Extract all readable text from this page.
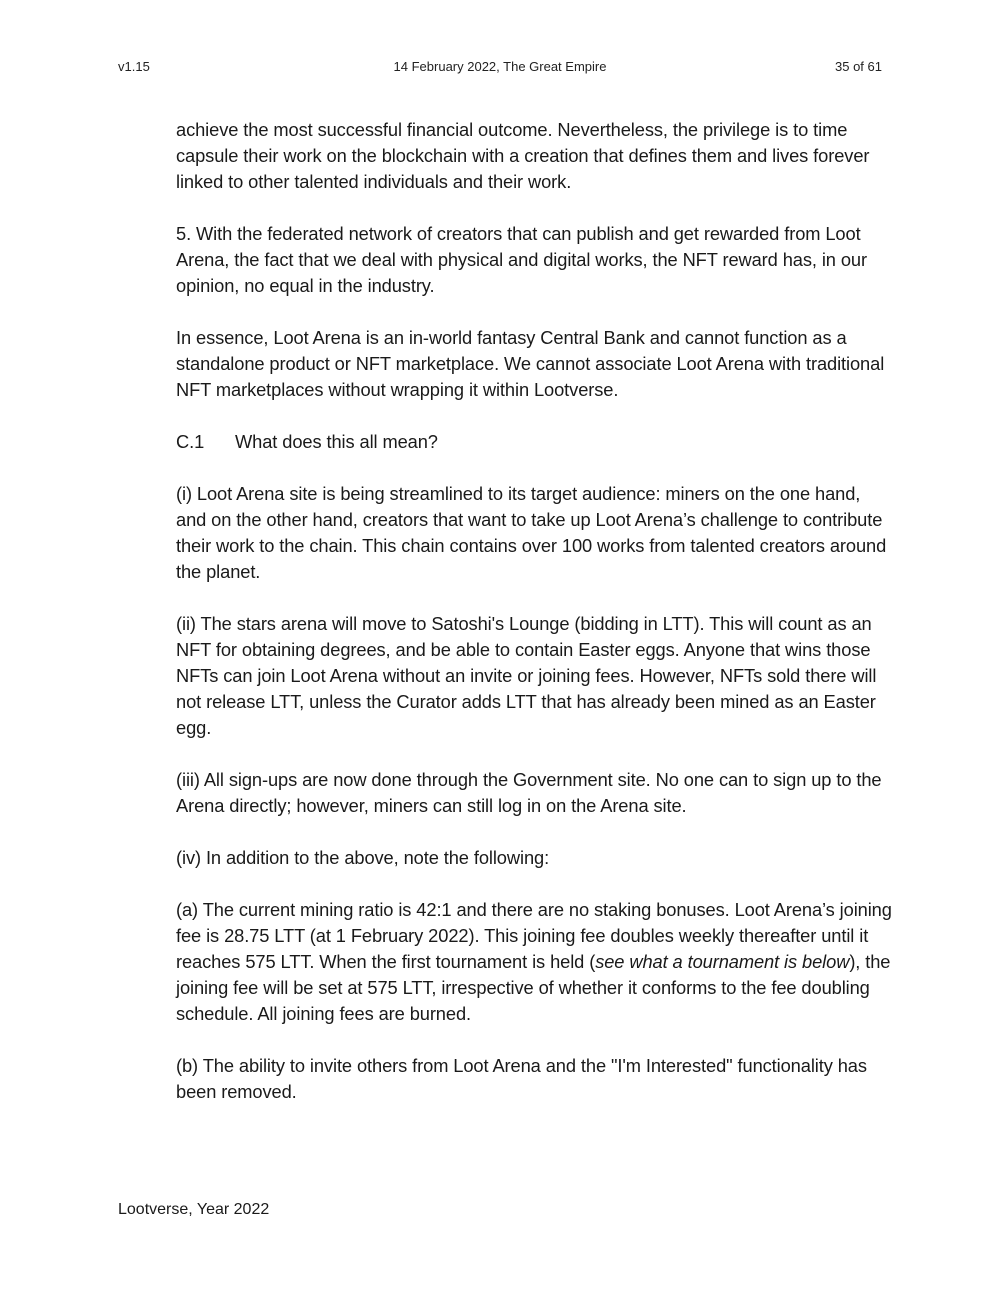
v1.15	14 February 2022, The Great Empire	35 of 61

achieve the most successful financial outcome. Nevertheless, the privilege is to time capsule their work on the blockchain with a creation that defines them and lives forever linked to other talented individuals and their work.

5. With the federated network of creators that can publish and get rewarded from Loot Arena, the fact that we deal with physical and digital works, the NFT reward has, in our opinion, no equal in the industry.

In essence, Loot Arena is an in-world fantasy Central Bank and cannot function as a standalone product or NFT marketplace. We cannot associate Loot Arena with traditional NFT marketplaces without wrapping it within Lootverse.

C.1 What does this all mean?

(i) Loot Arena site is being streamlined to its target audience: miners on the one hand, and on the other hand, creators that want to take up Loot Arena’s challenge to contribute their work to the chain. This chain contains over 100 works from talented creators around the planet.

(ii) The stars arena will move to Satoshi's Lounge (bidding in LTT). This will count as an NFT for obtaining degrees, and be able to contain Easter eggs. Anyone that wins those NFTs can join Loot Arena without an invite or joining fees. However, NFTs sold there will not release LTT, unless the Curator adds LTT that has already been mined as an Easter egg.

(iii) All sign-ups are now done through the Government site. No one can to sign up to the Arena directly; however, miners can still log in on the Arena site.

(iv) In addition to the above, note the following:

(a) The current mining ratio is 42:1 and there are no staking bonuses. Loot Arena’s joining fee is 28.75 LTT (at 1 February 2022). This joining fee doubles weekly thereafter until it reaches 575 LTT. When the first tournament is held (see what a tournament is below), the joining fee will be set at 575 LTT, irrespective of whether it conforms to the fee doubling schedule. All joining fees are burned.

(b) The ability to invite others from Loot Arena and the "I'm Interested" functionality has been removed.

Lootverse, Year 2022
